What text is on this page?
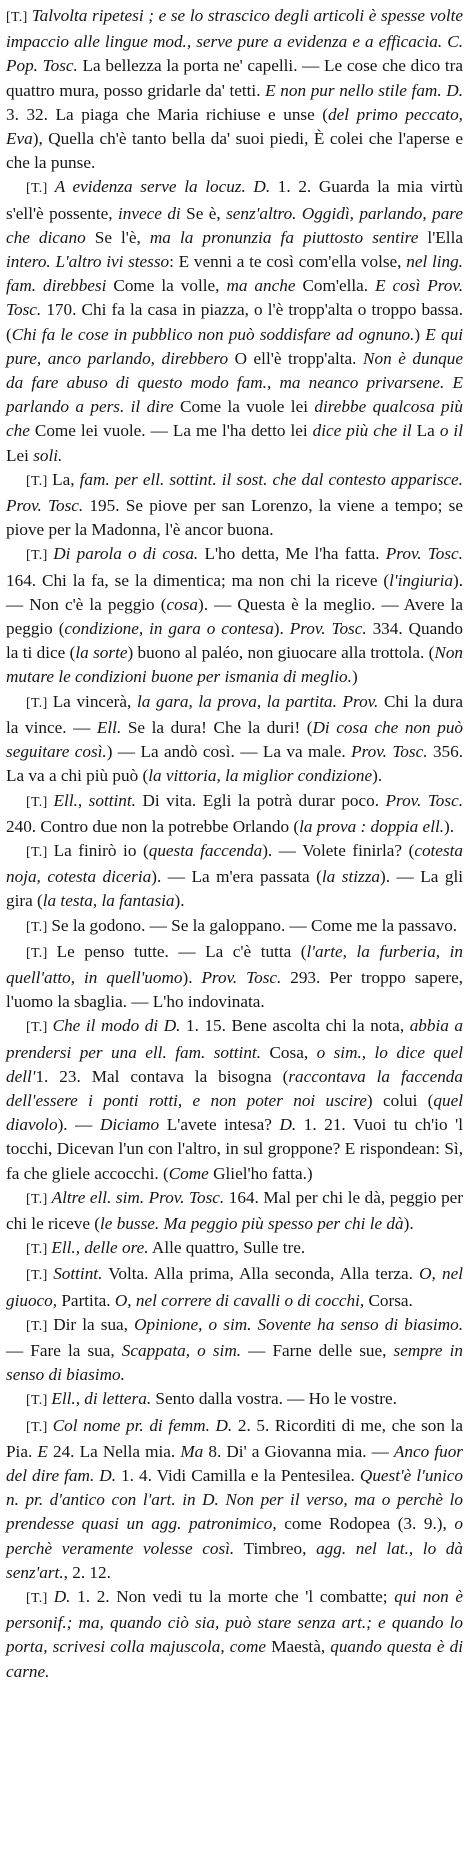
[T.] Talvolta ripetesi ; e se lo strascico degli articoli è spesse volte impaccio alle lingue mod., serve pure a evidenza e a efficacia. C. Pop. Tosc. La bellezza la porta ne' capelli. — Le cose che dico tra quattro mura, posso gridarle da' tetti. E non pur nello stile fam. D. 3. 32. La piaga che Maria richiuse e unse (del primo peccato, Eva), Quella ch'è tanto bella da' suoi piedi, È colei che l'aperse e che la punse.

[T.] A evidenza serve la locuz. D. 1. 2. Guarda la mia virtù s'ell'è possente, invece di Se è, senz'altro. Oggidì, parlando, pare che dicano Se l'è, ma la pronunzia fa piuttosto sentire l'Ella intero. L'altro ivi stesso: E venni a te così com'ella volse, nel ling. fam. direbbesi Come la volle, ma anche Com'ella. E così Prov. Tosc. 170. Chi fa la casa in piazza, o l'è tropp'alta o troppo bassa. (Chi fa le cose in pubblico non può soddisfare ad ognuno.) E qui pure, anco parlando, direbbero O ell'è tropp'alta. Non è dunque da fare abuso di questo modo fam., ma neanco privarsene. E parlando a pers. il dire Come la vuole lei direbbe qualcosa più che Come lei vuole. — La me l'ha detto lei dice più che il La o il Lei soli.

[T.] La, fam. per ell. sottint. il sost. che dal contesto apparisce. Prov. Tosc. 195. Se piove per san Lorenzo, la viene a tempo; se piove per la Madonna, l'è ancor buona.

[T.] Di parola o di cosa. L'ho detta, Me l'ha fatta. Prov. Tosc. 164. Chi la fa, se la dimentica; ma non chi la riceve (l'ingiuria). — Non c'è la peggio (cosa). — Questa è la meglio. — Avere la peggio (condizione, in gara o contesa). Prov. Tosc. 334. Quando la ti dice (la sorte) buono al paléo, non giuocare alla trottola. (Non mutare le condizioni buone per ismania di meglio.)

[T.] La vincerà, la gara, la prova, la partita. Prov. Chi la dura la vince. — Ell. Se la dura! Che la duri! (Di cosa che non può seguitare così.) — La andò così. — La va male. Prov. Tosc. 356. La va a chi più può (la vittoria, la miglior condizione).

[T.] Ell., sottint. Di vita. Egli la potrà durar poco. Prov. Tosc. 240. Contro due non la potrebbe Orlando (la prova : doppia ell.).

[T.] La finirò io (questa faccenda). — Volete finirla? (cotesta noja, cotesta diceria). — La m'era passata (la stizza). — La gli gira (la testa, la fantasia).

[T.] Se la godono. — Se la galoppano. — Come me la passavo.

[T.] Le penso tutte. — La c'è tutta (l'arte, la furberia, in quell'atto, in quell'uomo). Prov. Tosc. 293. Per troppo sapere, l'uomo la sbaglia. — L'ho indovinata.

[T.] Che il modo di D. 1. 15. Bene ascolta chi la nota, abbia a prendersi per una ell. fam. sottint. Cosa, o sim., lo dice quel dell'1. 23. Mal contava la bisogna (raccontava la faccenda dell'essere i ponti rotti, e non poter noi uscire) colui (quel diavolo). — Diciamo L'avete intesa? D. 1. 21. Vuoi tu ch'io 'l tocchi, Dicevan l'un con l'altro, in sul groppone? E rispondean: Sì, fa che gliele accocchi. (Come Gliel'ho fatta.)

[T.] Altre ell. sim. Prov. Tosc. 164. Mal per chi le dà, peggio per chi le riceve (le busse. Ma peggio più spesso per chi le dà).

[T.] Ell., delle ore. Alle quattro, Sulle tre.

[T.] Sottint. Volta. Alla prima, Alla seconda, Alla terza. O, nel giuoco, Partita. O, nel correre di cavalli o di cocchi, Corsa.

[T.] Dir la sua, Opinione, o sim. Sovente ha senso di biasimo. — Fare la sua, Scappata, o sim. — Farne delle sue, sempre in senso di biasimo.

[T.] Ell., di lettera. Sento dalla vostra. — Ho le vostre.

[T.] Col nome pr. di femm. D. 2. 5. Ricorditi di me, che son la Pia. E 24. La Nella mia. Ma 8. Di' a Giovanna mia. — Anco fuor del dire fam. D. 1. 4. Vidi Camilla e la Pentesilea. Quest'è l'unico n. pr. d'antico con l'art. in D. Non per il verso, ma o perchè lo prendesse quasi un agg. patronimico, come Rodopea (3. 9.), o perchè veramente volesse così. Timbreo, agg. nel lat., lo dà senz'art., 2. 12.

[T.] D. 1. 2. Non vedi tu la morte che 'l combatte; qui non è personif.; ma, quando ciò sia, può stare senza art.; e quando lo porta, scrivesi colla majuscola, come Maestà, quando questa è di carne.
